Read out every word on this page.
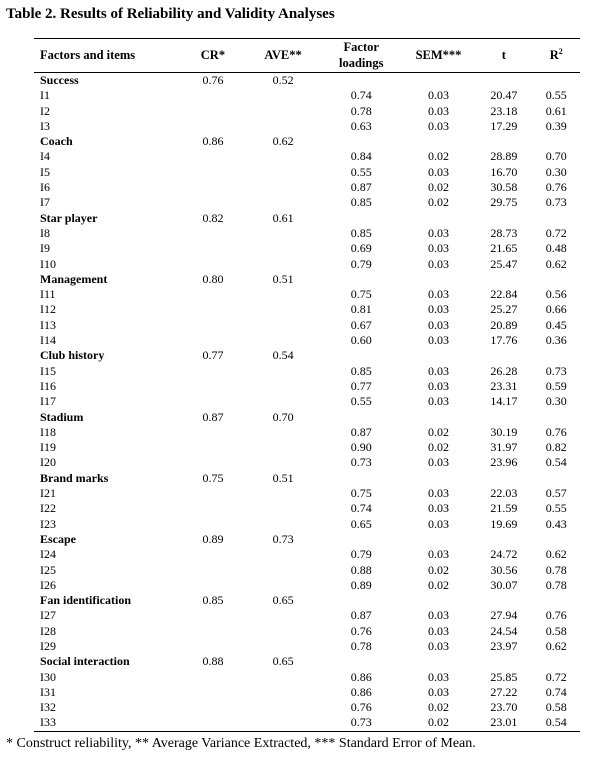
Table 2. Results of Reliability and Validity Analyses
Factors and items	CR*	AVE**	Factor loadings	SEM***	t	$R^2$
Success	0.76	0.52				
I1			0.74	0.03	20.47	0.55
I2			0.78	0.03	23.18	0.61
I3			0.63	0.03	17.29	0.39
Coach	0.86	0.62				
I4			0.84	0.02	28.89	0.70
I5			0.55	0.03	16.70	0.30
I6			0.87	0.02	30.58	0.76
I7			0.85	0.02	29.75	0.73
Star player	0.82	0.61				
I8			0.85	0.03	28.73	0.72
I9			0.69	0.03	21.65	0.48
I10			0.79	0.03	25.47	0.62
Management	0.80	0.51				
I11			0.75	0.03	22.84	0.56
I12			0.81	0.03	25.27	0.66
I13			0.67	0.03	20.89	0.45
I14			0.60	0.03	17.76	0.36
Club history	0.77	0.54				
I15			0.85	0.03	26.28	0.73
I16			0.77	0.03	23.31	0.59
I17			0.55	0.03	14.17	0.30
Stadium	0.87	0.70				
I18			0.87	0.02	30.19	0.76
I19			0.90	0.02	31.97	0.82
I20			0.73	0.03	23.96	0.54
Brand marks	0.75	0.51				
I21			0.75	0.03	22.03	0.57
I22			0.74	0.03	21.59	0.55
I23			0.65	0.03	19.69	0.43
Escape	0.89	0.73				
I24			0.79	0.03	24.72	0.62
I25			0.88	0.02	30.56	0.78
I26			0.89	0.02	30.07	0.78
Fan identification	0.85	0.65				
I27			0.87	0.03	27.94	0.76
I28			0.76	0.03	24.54	0.58
I29			0.78	0.03	23.97	0.62
Social interaction	0.88	0.65				
I30			0.86	0.03	25.85	0.72
I31			0.86	0.03	27.22	0.74
I32			0.76	0.02	23.70	0.58
I33			0.73	0.02	23.01	0.54
* Construct reliability, ** Average Variance Extracted, *** Standard Error of Mean.
